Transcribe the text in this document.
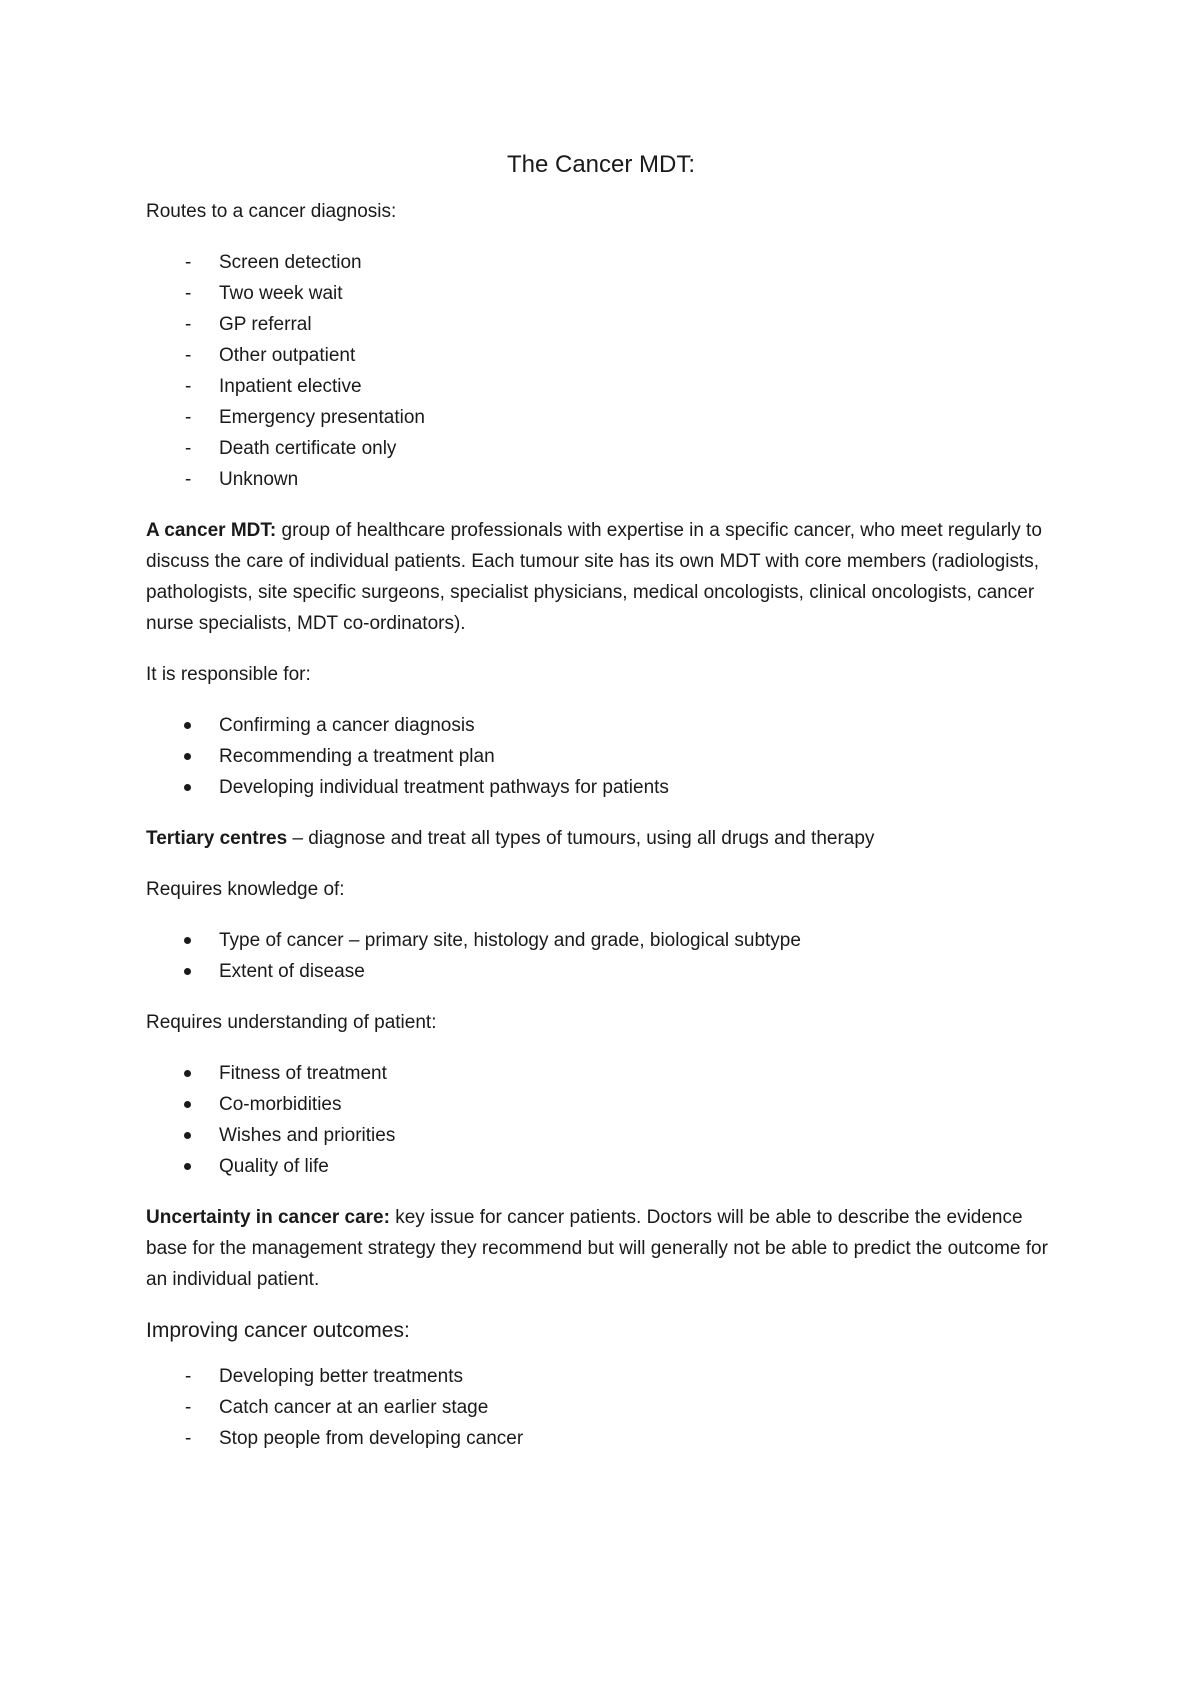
The Cancer MDT:

Routes to a cancer diagnosis:

- Screen detection
- Two week wait
- GP referral
- Other outpatient
- Inpatient elective
- Emergency presentation
- Death certificate only
- Unknown

A cancer MDT: group of healthcare professionals with expertise in a specific cancer, who meet regularly to discuss the care of individual patients. Each tumour site has its own MDT with core members (radiologists, pathologists, site specific surgeons, specialist physicians, medical oncologists, clinical oncologists, cancer nurse specialists, MDT co-ordinators).

It is responsible for:

Confirming a cancer diagnosis
Recommending a treatment plan
Developing individual treatment pathways for patients

Tertiary centres – diagnose and treat all types of tumours, using all drugs and therapy

Requires knowledge of:

Type of cancer – primary site, histology and grade, biological subtype
Extent of disease

Requires understanding of patient:

Fitness of treatment
Co-morbidities
Wishes and priorities
Quality of life

Uncertainty in cancer care: key issue for cancer patients. Doctors will be able to describe the evidence base for the management strategy they recommend but will generally not be able to predict the outcome for an individual patient.

Improving cancer outcomes:
- Developing better treatments
- Catch cancer at an earlier stage
- Stop people from developing cancer
